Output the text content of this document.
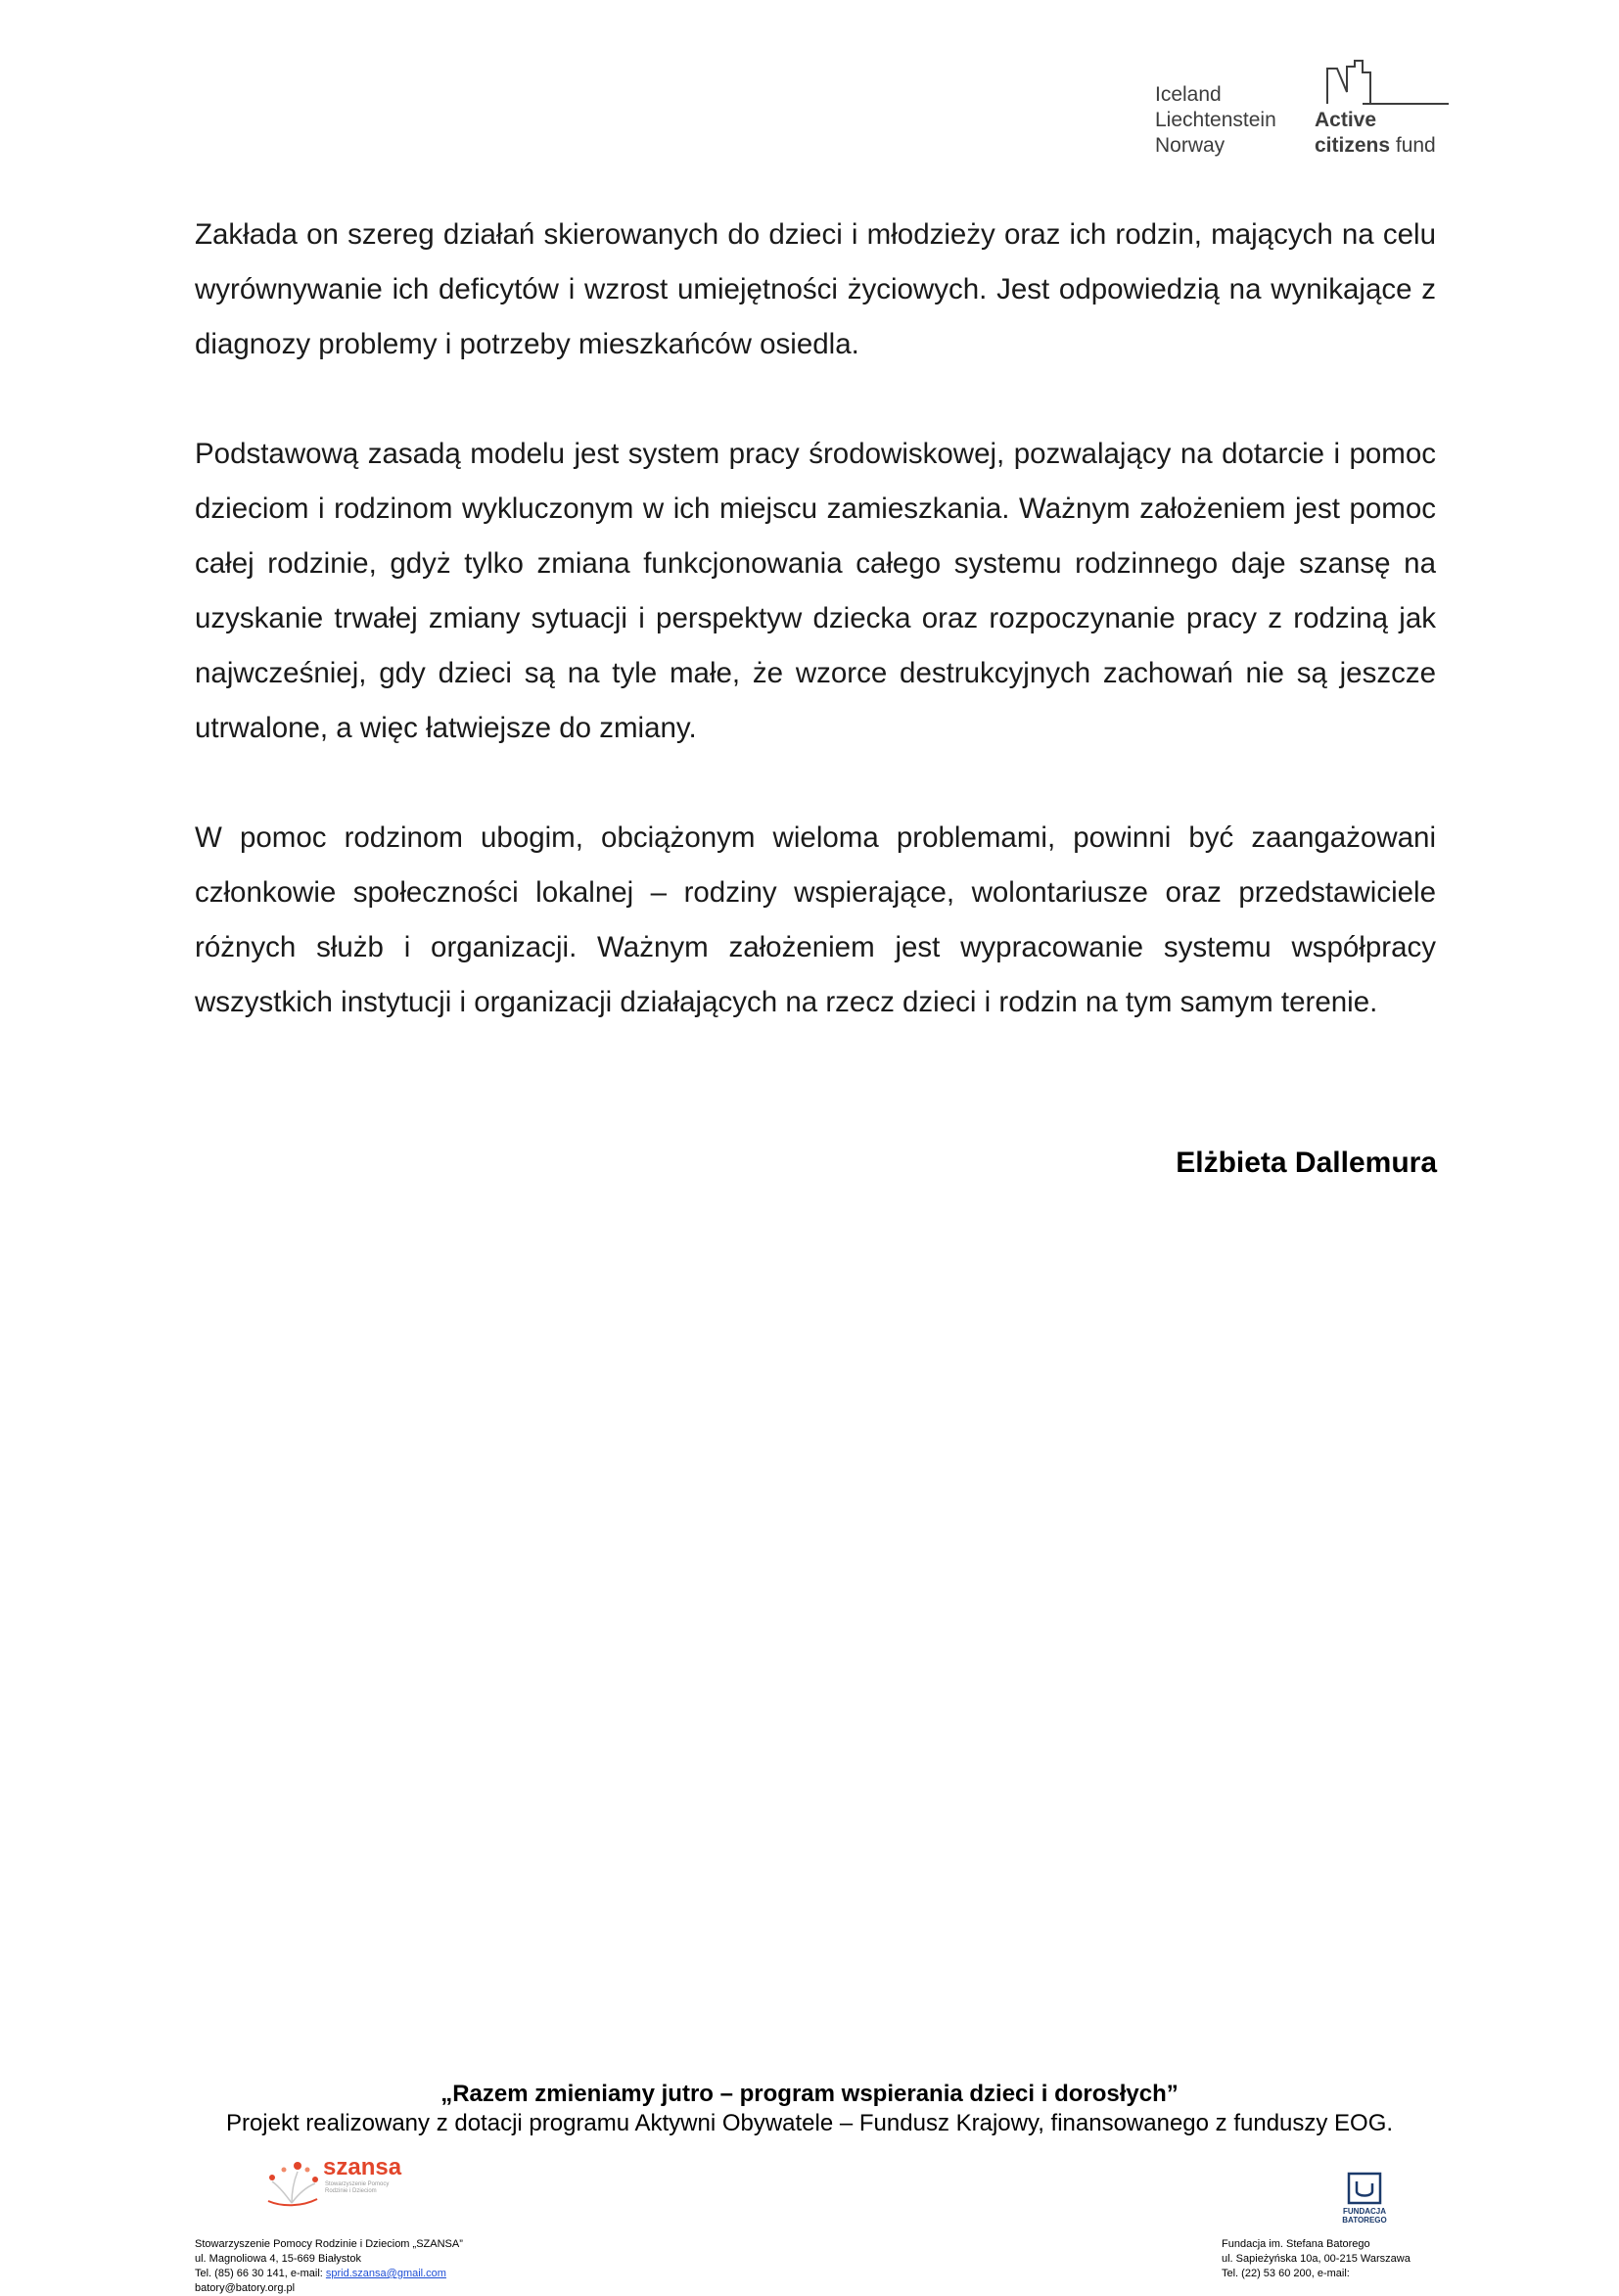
Iceland
Liechtenstein
Norway
Active
citizens fund

Zakłada on szereg działań skierowanych do dzieci i młodzieży oraz ich rodzin, mających na celu wyrównywanie ich deficytów i wzrost umiejętności życiowych. Jest odpowiedzią na wynikające z diagnozy problemy i potrzeby mieszkańców osiedla.

Podstawową zasadą modelu jest system pracy środowiskowej, pozwalający na dotarcie i pomoc dzieciom i rodzinom wykluczonym w ich miejscu zamieszkania. Ważnym założeniem jest pomoc całej rodzinie, gdyż tylko zmiana funkcjonowania całego systemu rodzinnego daje szansę na uzyskanie trwałej zmiany sytuacji i perspektyw dziecka oraz rozpoczynanie pracy z rodziną jak najwcześniej, gdy dzieci są na tyle małe, że wzorce destrukcyjnych zachowań nie są jeszcze utrwalone, a więc łatwiejsze do zmiany.

W pomoc rodzinom ubogim, obciążonym wieloma problemami, powinni być zaangażowani członkowie społeczności lokalnej – rodziny wspierające, wolontariusze oraz przedstawiciele różnych służb i organizacji. Ważnym założeniem jest wypracowanie systemu współpracy wszystkich instytucji i organizacji działających na rzecz dzieci i rodzin na tym samym terenie.

Elżbieta Dallemura
„Razem zmieniamy jutro – program wspierania dzieci i dorosłych”
Projekt realizowany z dotacji programu Aktywni Obywatele – Fundusz Krajowy, finansowanego z funduszy EOG.
szansa
Stowarzyszenie Pomocy Rodzinie i Dzieciom
FUNDACJA
BATOREGO
Stowarzyszenie Pomocy Rodzinie i Dzieciom „SZANSA”
ul. Magnoliowa 4, 15-669 Białystok
Tel. (85) 66 30 141, e-mail: sprid.szansa@gmail.com
batory@batory.org.pl
Fundacja im. Stefana Batorego
ul. Sapieżyńska 10a, 00-215 Warszawa
Tel. (22) 53 60 200, e-mail:
